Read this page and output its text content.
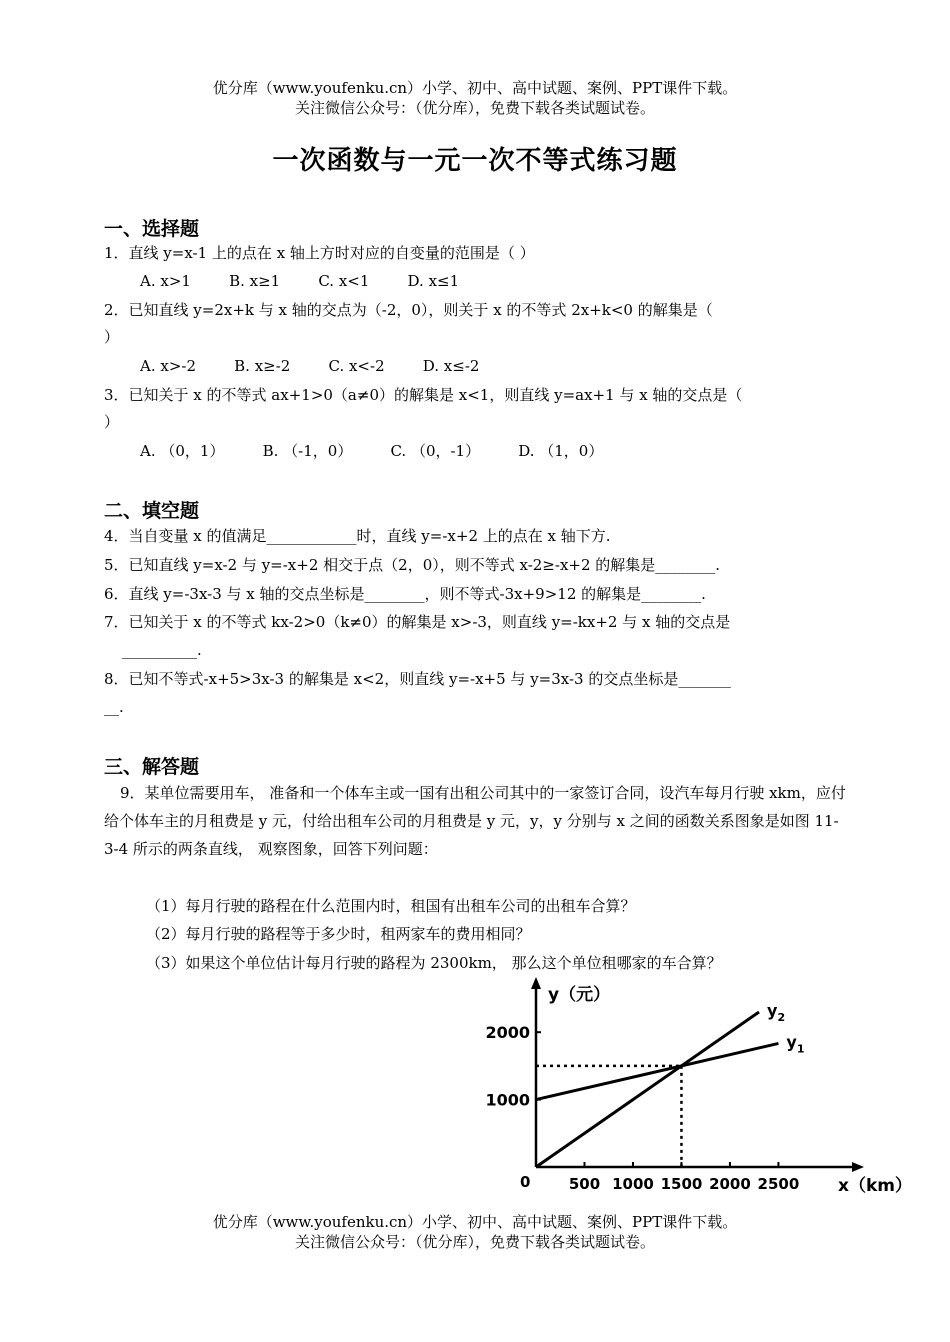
优分库（www.youfenku.cn）小学、初中、高中试题、案例、PPT课件下载。
关注微信公众号：（优分库），免费下载各类试题试卷。
一次函数与一元一次不等式练习题
一、选择题
1．直线 y=x-1 上的点在 x 轴上方时对应的自变量的范围是（ ）
A. x>1        B. x≥1        C. x<1        D. x≤1
2．已知直线 y=2x+k 与 x 轴的交点为（-2，0），则关于 x 的不等式 2x+k<0 的解集是（
）
A. x>-2        B. x≥-2        C. x<-2        D. x≤-2
3．已知关于 x 的不等式 ax+1>0（a≠0）的解集是 x<1，则直线 y=ax+1 与 x 轴的交点是（
）
A. （0，1）        B. （-1，0）        C. （0，-1）        D. （1，0）
二、填空题
4．当自变量 x 的值满足____________时，直线 y=-x+2 上的点在 x 轴下方.
5．已知直线 y=x-2 与 y=-x+2 相交于点（2，0），则不等式 x-2≥-x+2 的解集是________.
6．直线 y=-3x-3 与 x 轴的交点坐标是________，则不等式-3x+9>12 的解集是________.
7．已知关于 x 的不等式 kx-2>0（k≠0）的解集是 x>-3，则直线 y=-kx+2 与 x 轴的交点是
__________.
8．已知不等式-x+5>3x-3 的解集是 x<2，则直线 y=-x+5 与 y=3x-3 的交点坐标是_______
__.
三、解答题
9．某单位需要用车， 准备和一个体车主或一国有出租公司其中的一家签订合同，设汽车每月行驶 xkm，应付给个体车主的月租费是 y 元，付给出租车公司的月租费是 y 元，y，y 分别与 x 之间的函数关系图象是如图 11-3-4 所示的两条直线， 观察图象，回答下列问题：
（1）每月行驶的路程在什么范围内时，租国有出租车公司的出租车合算？
（2）每月行驶的路程等于多少时，租两家车的费用相同？
（3）如果这个单位估计每月行驶的路程为 2300km， 那么这个单位租哪家的车合算？
y（元）
x（km）
0	500 1000 1500 2000 2500
1000
2000	$y_1$
$y_2$
优分库（www.youfenku.cn）小学、初中、高中试题、案例、PPT课件下载。
关注微信公众号：（优分库），免费下载各类试题试卷。
